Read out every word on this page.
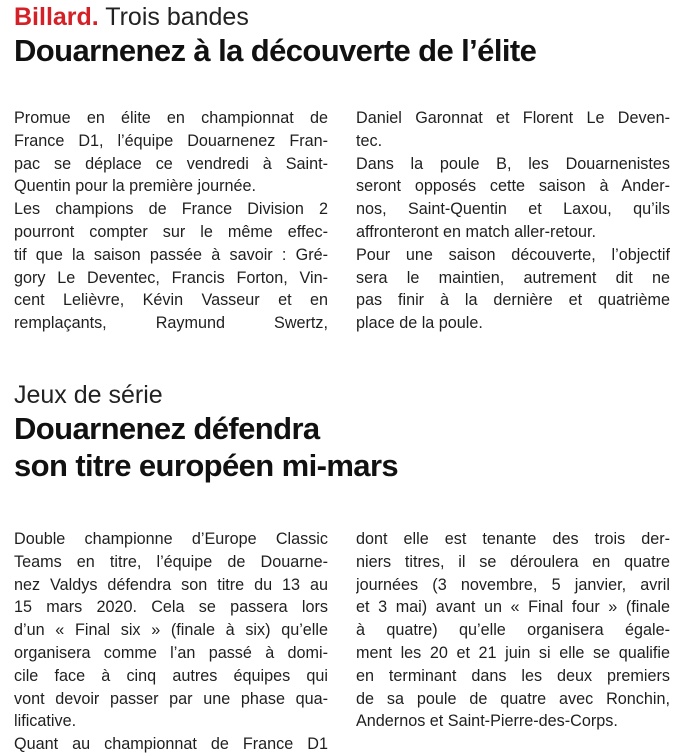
Billard. Trois bandes
Douarnenez à la découverte de l’élite

Promue en élite en championnat de
France D1, l’équipe Douarnenez Fran-
pac se déplace ce vendredi à Saint-
Quentin pour la première journée.
Les champions de France Division 2
pourront compter sur le même effec-
tif que la saison passée à savoir : Gré-
gory Le Deventec, Francis Forton, Vin-
cent Lelièvre, Kévin Vasseur et en
remplaçants, Raymund Swertz,

Daniel Garonnat et Florent Le Deven-
tec.
Dans la poule B, les Douarnenistes
seront opposés cette saison à Ander-
nos, Saint-Quentin et Laxou, qu’ils
affronteront en match aller-retour.
Pour une saison découverte, l’objectif
sera le maintien, autrement dit ne
pas finir à la dernière et quatrième
place de la poule.

Jeux de série
Douarnenez défendra
son titre européen mi-mars

Double championne d’Europe Classic
Teams en titre, l’équipe de Douarne-
nez Valdys défendra son titre du 13 au
15 mars 2020. Cela se passera lors
d’un « Final six » (finale à six) qu’elle
organisera comme l’an passé à domi-
cile face à cinq autres équipes qui
vont devoir passer par une phase qua-
lificative.
Quant au championnat de France D1

dont elle est tenante des trois der-
niers titres, il se déroulera en quatre
journées (3 novembre, 5 janvier, avril
et 3 mai) avant un « Final four » (finale
à quatre) qu’elle organisera égale-
ment les 20 et 21 juin si elle se qualifie
en terminant dans les deux premiers
de sa poule de quatre avec Ronchin,
Andernos et Saint-Pierre-des-Corps.
